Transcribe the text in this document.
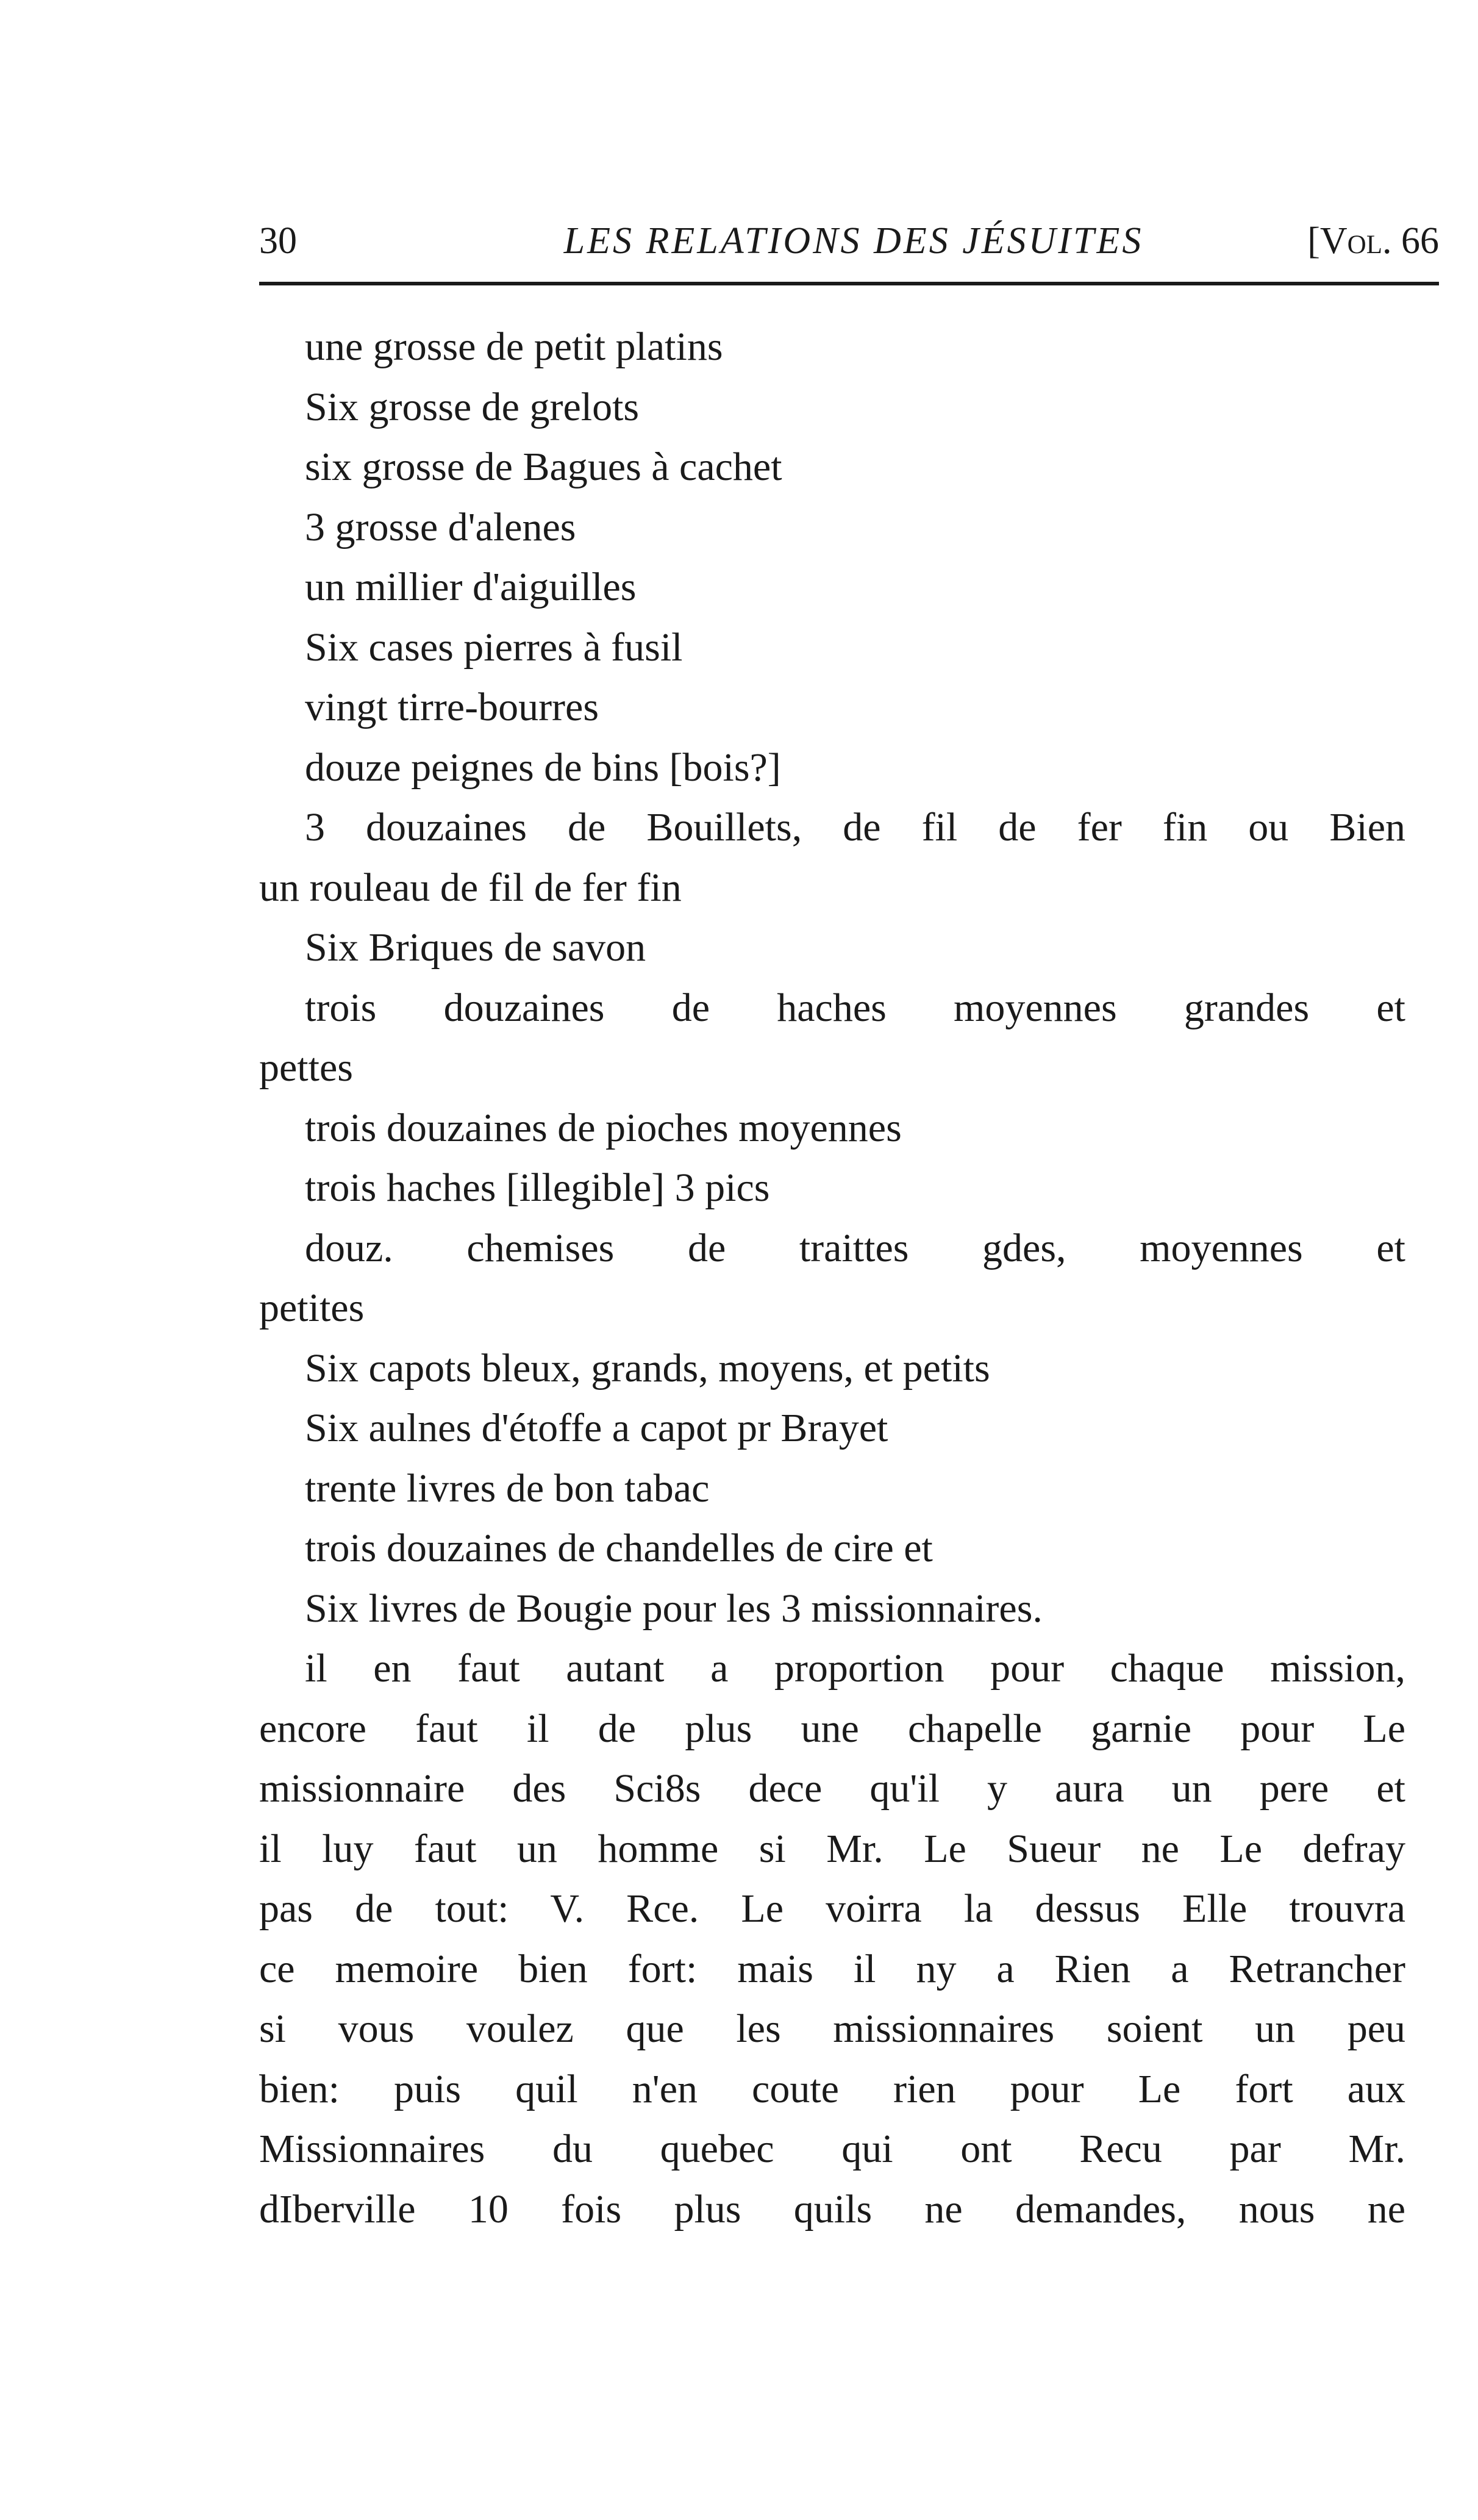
30	LES RELATIONS DES JÉSUITES	[Vol. 66
une grosse de petit platins
Six grosse de grelots
six grosse de Bagues à cachet
3 grosse d'alenes
un millier d'aiguilles
Six cases pierres à fusil
vingt tirre-bourres
douze peignes de bins [bois?]
3 douzaines de Bouillets, de fil de fer fin ou Bien
un rouleau de fil de fer fin
Six Briques de savon
trois douzaines de haches moyennes grandes et
pettes
trois douzaines de pioches moyennes
trois haches [illegible] 3 pics
douz. chemises de traittes gdes, moyennes et
petites
Six capots bleux, grands, moyens, et petits
Six aulnes d'étoffe a capot pr Brayet
trente livres de bon tabac
trois douzaines de chandelles de cire et
Six livres de Bougie pour les 3 missionnaires.
il en faut autant a proportion pour chaque mission,
encore faut il de plus une chapelle garnie pour Le
missionnaire des Sci8s dece qu'il y aura un pere et
il luy faut un homme si Mr. Le Sueur ne Le defray
pas de tout: V. Rce. Le voirra la dessus Elle trouvra
ce memoire bien fort: mais il ny a Rien a Retrancher
si vous voulez que les missionnaires soient un peu
bien: puis quil n'en coute rien pour Le fort aux
Missionnaires du quebec qui ont Recu par Mr.
dIberville 10 fois plus quils ne demandes, nous ne
